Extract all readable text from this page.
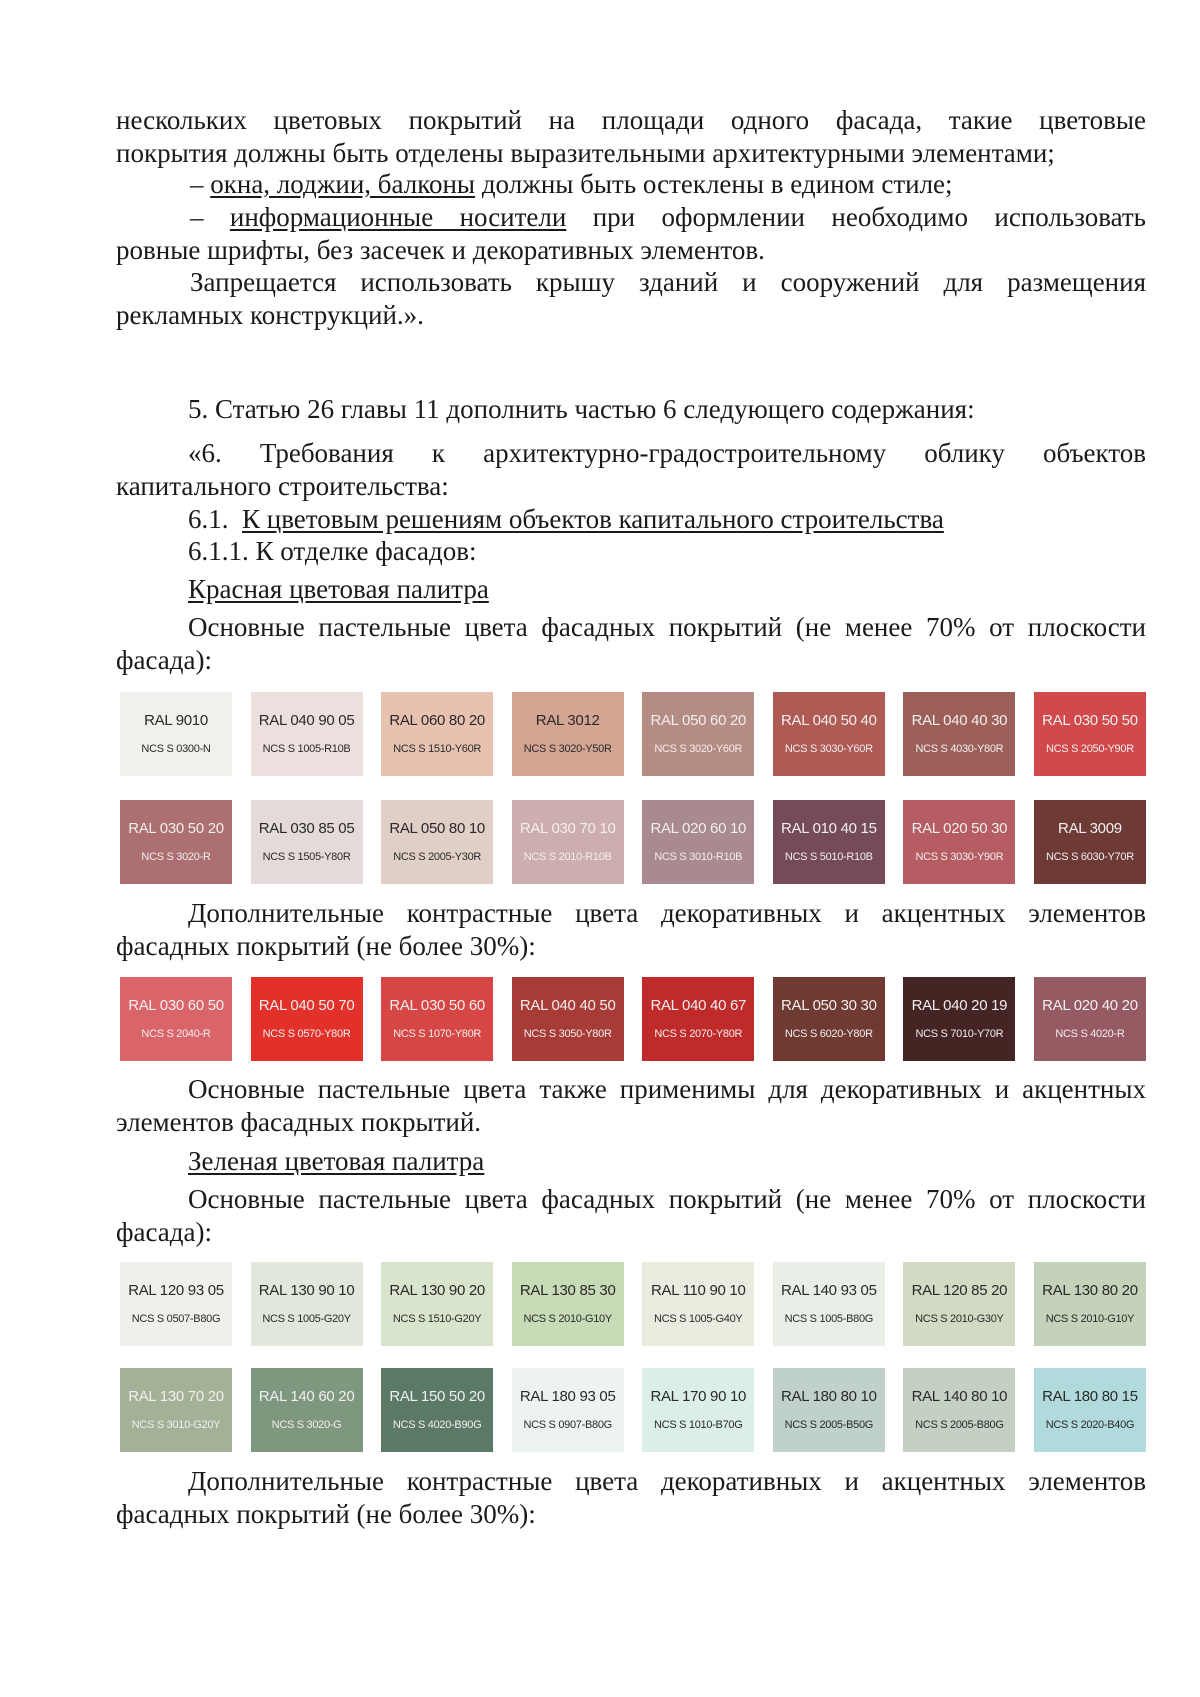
нескольких цветовых покрытий на площади одного фасада, такие цветовые

покрытия должны быть отделены выразительными архитектурными элементами;

– окна, лоджии, балконы должны быть остеклены в едином стиле;

– информационные носители при оформлении необходимо использовать

ровные шрифты, без засечек и декоративных элементов.

Запрещается использовать крышу зданий и сооружений для размещения

рекламных конструкций.».

5. Статью 26 главы 11 дополнить частью 6 следующего содержания:

«6. Требования к архитектурно-градостроительному облику объектов

капитального строительства:

6.1. К цветовым решениям объектов капитального строительства

6.1.1. К отделке фасадов:

Красная цветовая палитра

Основные пастельные цвета фасадных покрытий (не менее 70% от плоскости

фасада):

RAL 9010
NCS S 0300-N
RAL 040 90 05
NCS S 1005-R10B
RAL 060 80 20
NCS S 1510-Y60R
RAL 3012
NCS S 3020-Y50R
RAL 050 60 20
NCS S 3020-Y60R
RAL 040 50 40
NCS S 3030-Y60R
RAL 040 40 30
NCS S 4030-Y80R
RAL 030 50 50
NCS S 2050-Y90R
RAL 030 50 20
NCS S 3020-R
RAL 030 85 05
NCS S 1505-Y80R
RAL 050 80 10
NCS S 2005-Y30R
RAL 030 70 10
NCS S 2010-R10B
RAL 020 60 10
NCS S 3010-R10B
RAL 010 40 15
NCS S 5010-R10B
RAL 020 50 30
NCS S 3030-Y90R
RAL 3009
NCS S 6030-Y70R

Дополнительные контрастные цвета декоративных и акцентных элементов

фасадных покрытий (не более 30%):

RAL 030 60 50
NCS S 2040-R
RAL 040 50 70
NCS S 0570-Y80R
RAL 030 50 60
NCS S 1070-Y80R
RAL 040 40 50
NCS S 3050-Y80R
RAL 040 40 67
NCS S 2070-Y80R
RAL 050 30 30
NCS S 6020-Y80R
RAL 040 20 19
NCS S 7010-Y70R
RAL 020 40 20
NCS S 4020-R

Основные пастельные цвета также применимы для декоративных и акцентных

элементов фасадных покрытий.

Зеленая цветовая палитра

Основные пастельные цвета фасадных покрытий (не менее 70% от плоскости

фасада):

RAL 120 93 05
NCS S 0507-B80G
RAL 130 90 10
NCS S 1005-G20Y
RAL 130 90 20
NCS S 1510-G20Y
RAL 130 85 30
NCS S 2010-G10Y
RAL 110 90 10
NCS S 1005-G40Y
RAL 140 93 05
NCS S 1005-B80G
RAL 120 85 20
NCS S 2010-G30Y
RAL 130 80 20
NCS S 2010-G10Y
RAL 130 70 20
NCS S 3010-G20Y
RAL 140 60 20
NCS S 3020-G
RAL 150 50 20
NCS S 4020-B90G
RAL 180 93 05
NCS S 0907-B80G
RAL 170 90 10
NCS S 1010-B70G
RAL 180 80 10
NCS S 2005-B50G
RAL 140 80 10
NCS S 2005-B80G
RAL 180 80 15
NCS S 2020-B40G

Дополнительные контрастные цвета декоративных и акцентных элементов

фасадных покрытий (не более 30%):
